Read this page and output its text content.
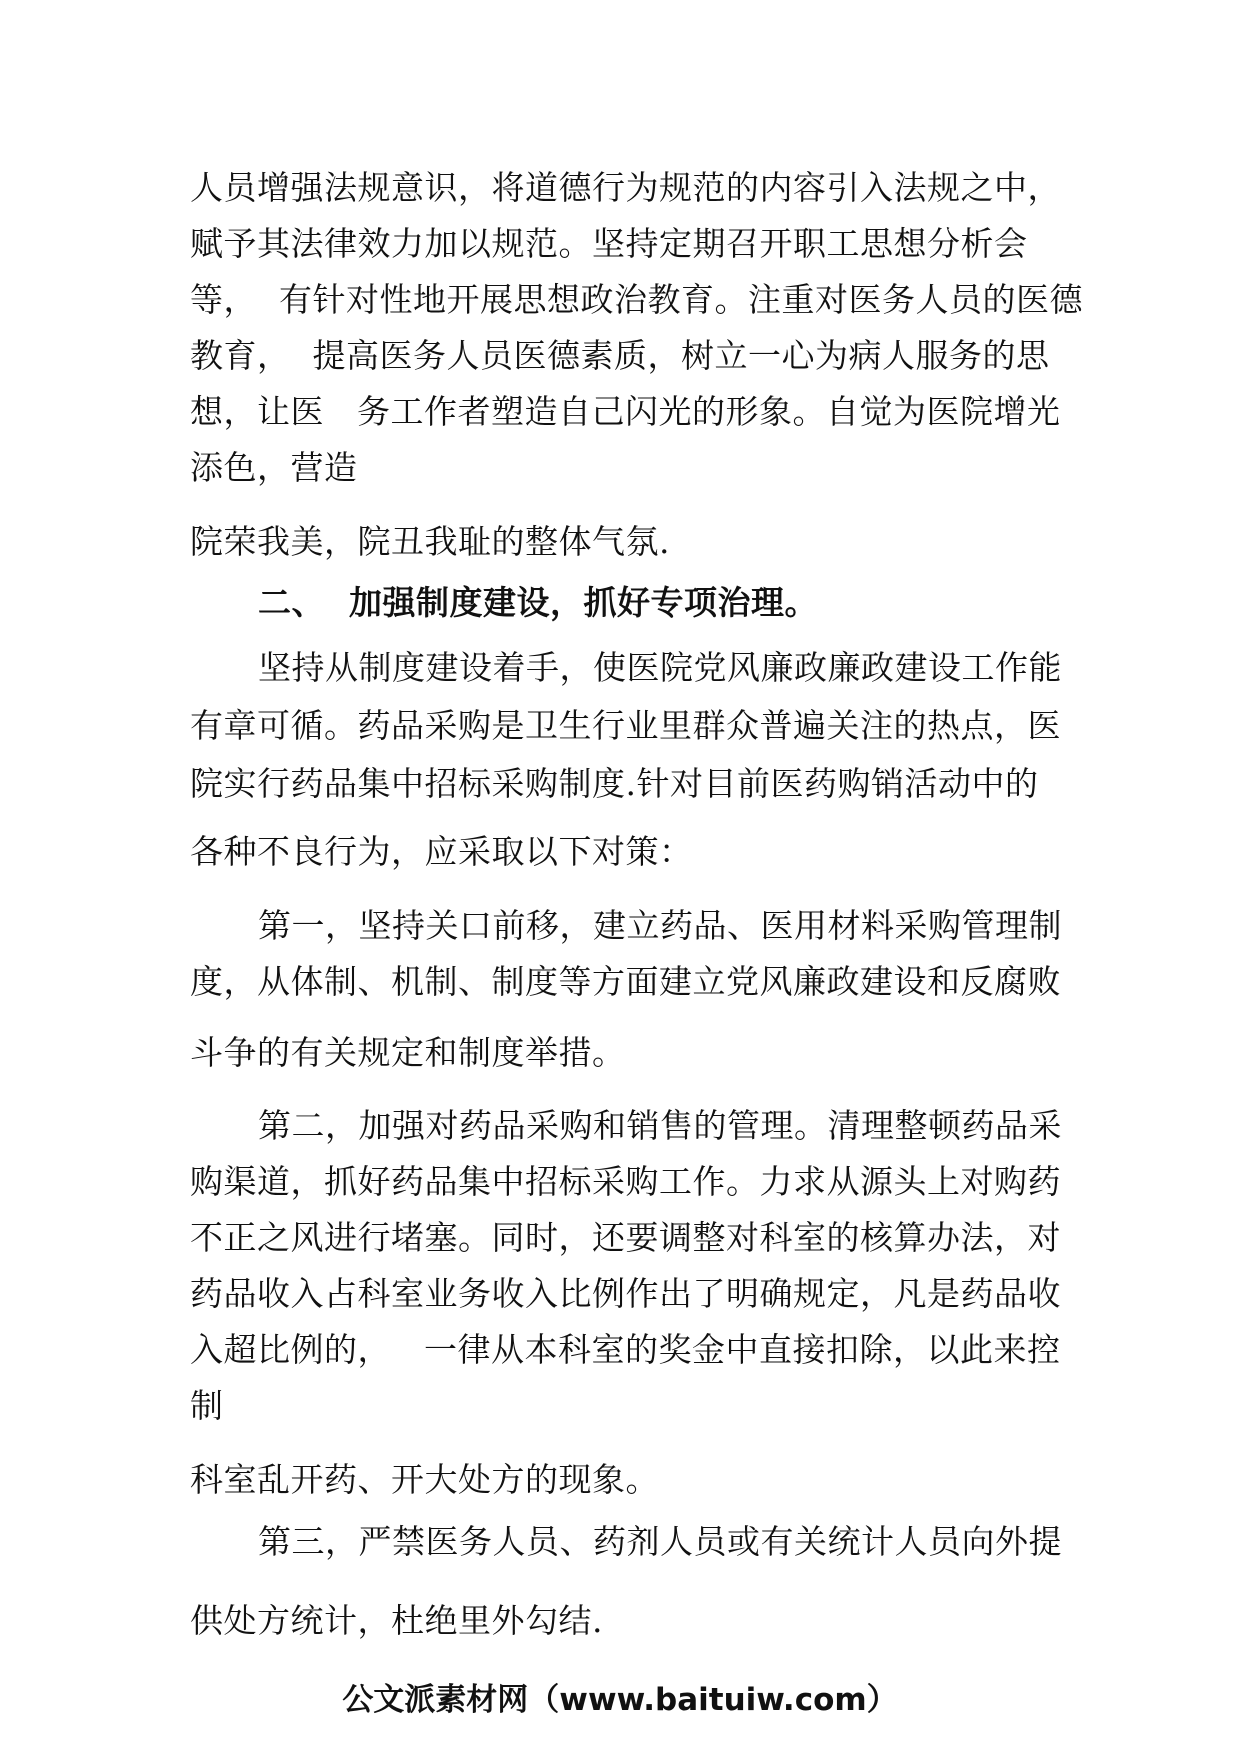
人员增强法规意识，将道德行为规范的内容引入法规之中，
赋予其法律效力加以规范。坚持定期召开职工思想分析会
等，  有针对性地开展思想政治教育。注重对医务人员的医德
教育，  提高医务人员医德素质，树立一心为病人服务的思
想，让医   务工作者塑造自己闪光的形象。自觉为医院增光
添色，营造
院荣我美，院丑我耻的整体气氛.
二、  加强制度建设，抓好专项治理。
坚持从制度建设着手，使医院党风廉政廉政建设工作能
有章可循。药品采购是卫生行业里群众普遍关注的热点，医
院实行药品集中招标采购制度.针对目前医药购销活动中的
各种不良行为，应采取以下对策：
第一，坚持关口前移，建立药品、医用材料采购管理制
度，从体制、机制、制度等方面建立党风廉政建设和反腐败
斗争的有关规定和制度举措。
第二，加强对药品采购和销售的管理。清理整顿药品采
购渠道，抓好药品集中招标采购工作。力求从源头上对购药
不正之风进行堵塞。同时，还要调整对科室的核算办法，对
药品收入占科室业务收入比例作出了明确规定，凡是药品收
入超比例的，   一律从本科室的奖金中直接扣除，以此来控
制
科室乱开药、开大处方的现象。
第三，严禁医务人员、药剂人员或有关统计人员向外提
供处方统计，杜绝里外勾结.
公文派素材网（www.baituiw.com）
